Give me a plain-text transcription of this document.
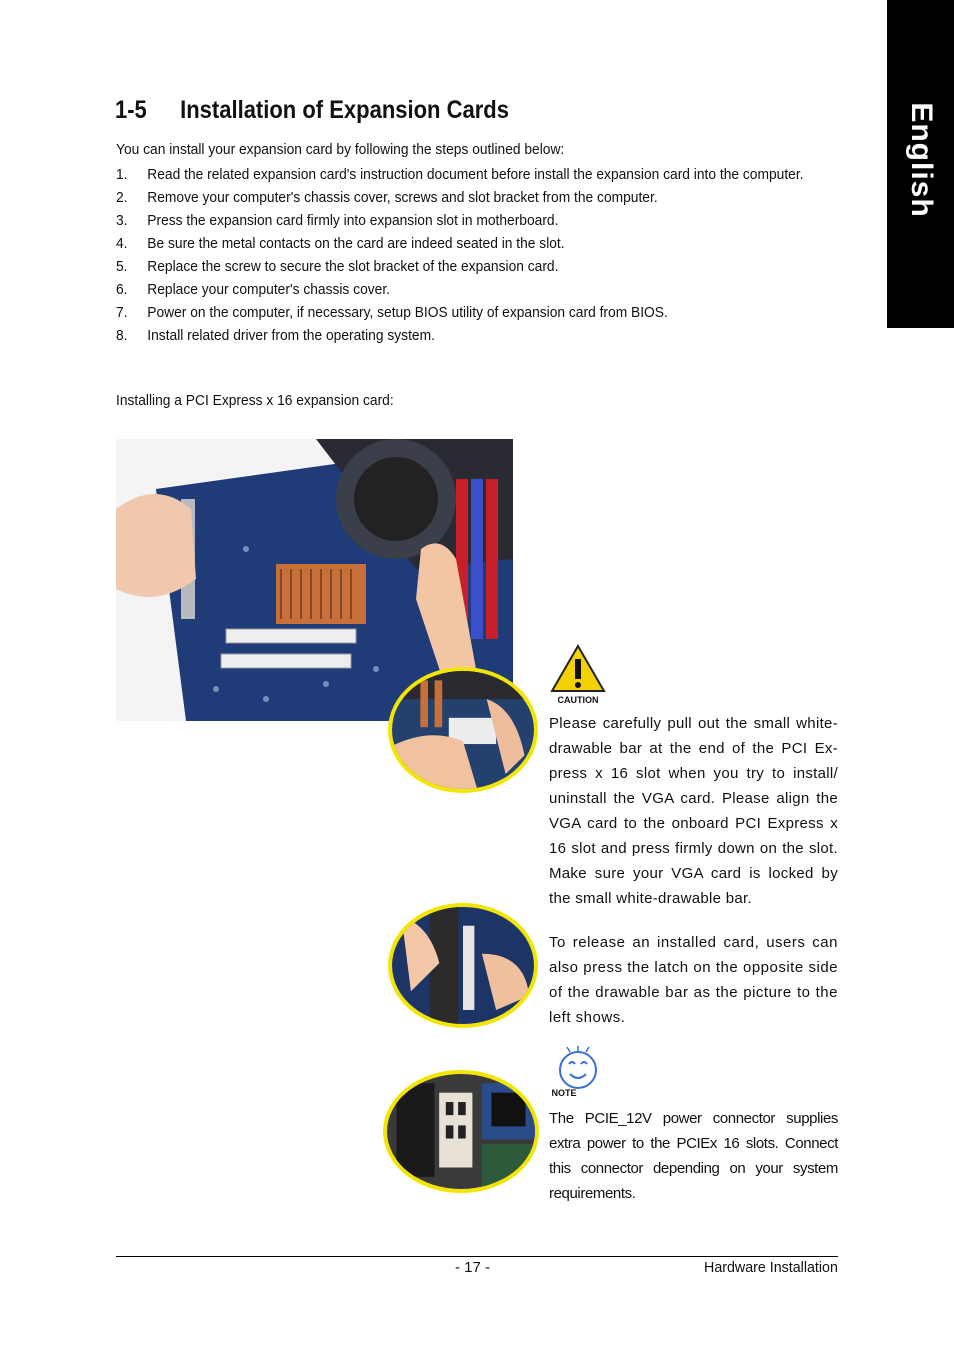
English
1-5 Installation of Expansion Cards
You can install your expansion card by following the steps outlined below:
1. Read the related expansion card's instruction document before install the expansion card into the computer.
2. Remove your computer's chassis cover, screws and slot bracket from the computer.
3. Press the expansion card firmly into expansion slot in motherboard.
4. Be sure the metal contacts on the card are indeed seated in the slot.
5. Replace the screw to secure the slot bracket of the expansion card.
6. Replace your computer's chassis cover.
7. Power on the computer, if necessary, setup BIOS utility of expansion card from BIOS.
8. Install related driver from the operating system.
Installing a PCI Express x 16 expansion card:
CAUTION

Please carefully pull out the small white-drawable bar at the end of the PCI Ex-press x 16 slot when you try to install/ uninstall the VGA card. Please align the VGA card to the onboard PCI Express x 16 slot and press firmly down on the slot. Make sure your VGA card is locked by the small white-drawable bar.

To release an installed card, users can also press the latch on the opposite side of the drawable bar as the picture to the left shows.

NOTE

The PCIE_12V power connector supplies extra power to the PCIEx 16 slots. Connect this connector depending on your system requirements.

- 17 -	Hardware Installation
